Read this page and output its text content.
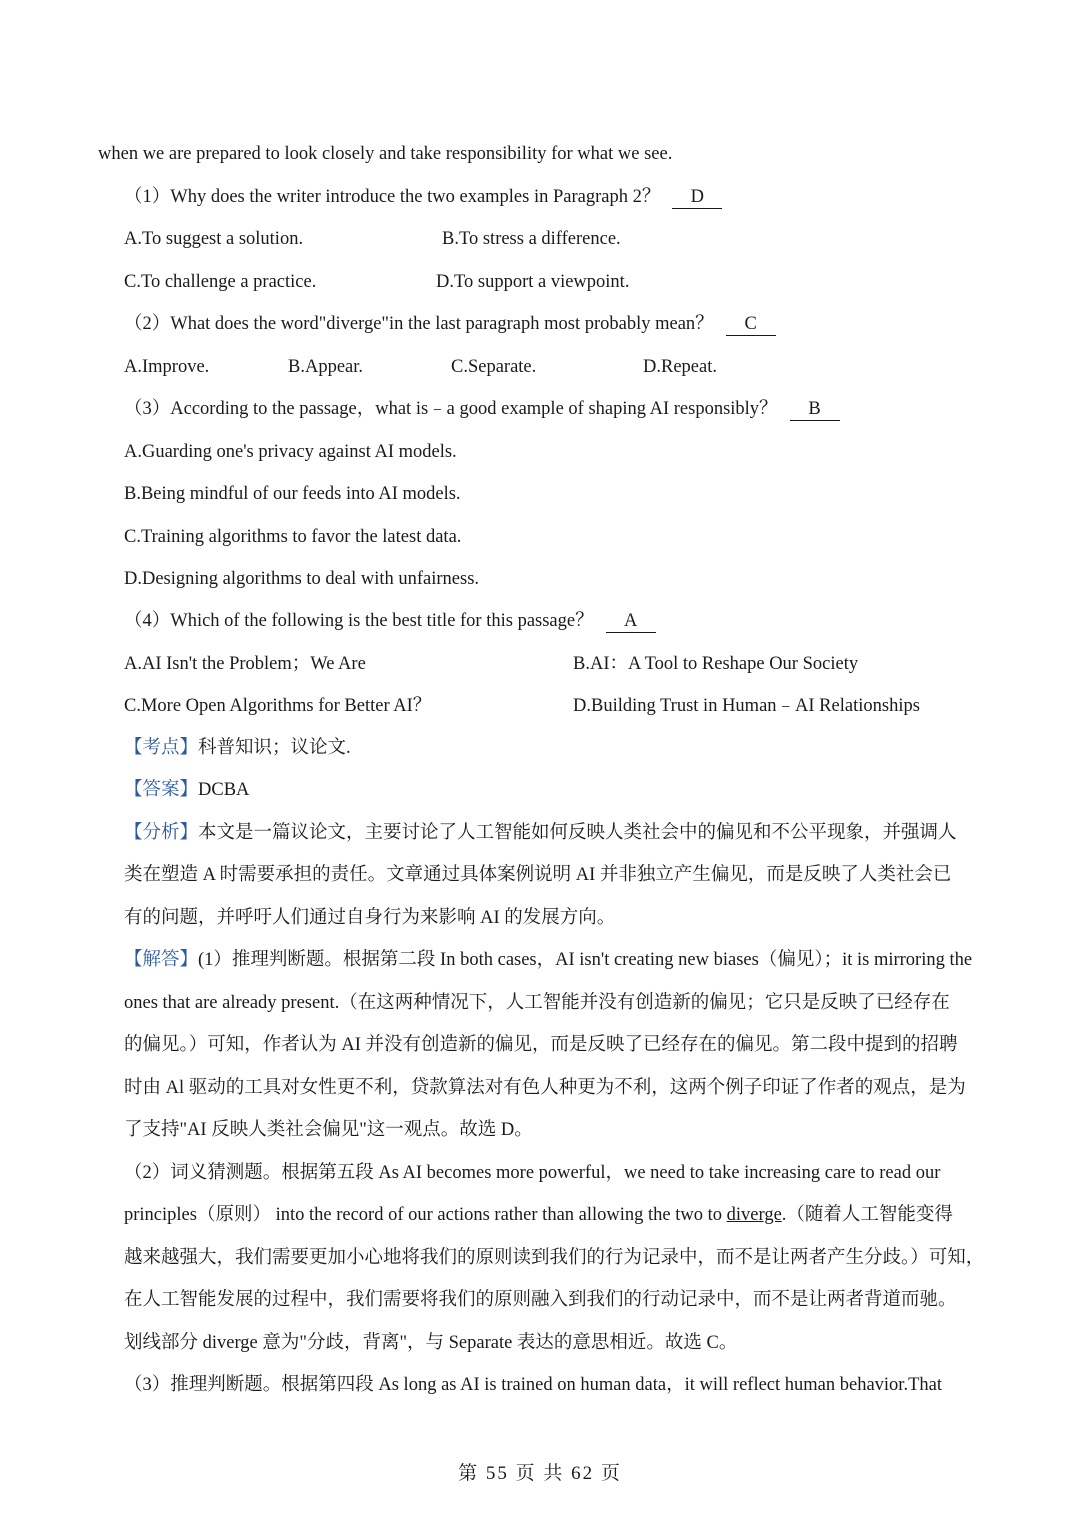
when we are prepared to look closely and take responsibility for what we see.
（1）Why does the writer introduce the two examples in Paragraph 2？ D
A.To suggest a solution.	B.To stress a difference.
C.To challenge a practice.	D.To support a viewpoint.
（2）What does the word"diverge"in the last paragraph most probably mean？ C
A.Improve.	B.Appear.	C.Separate.	D.Repeat.
（3）According to the passage，what is﹣a good example of shaping AI responsibly？ B
A.Guarding one's privacy against AI models.
B.Being mindful of our feeds into AI models.
C.Training algorithms to favor the latest data.
D.Designing algorithms to deal with unfairness.
（4）Which of the following is the best title for this passage？ A
A.AI Isn't the Problem；We Are	B.AI：A Tool to Reshape Our Society
C.More Open Algorithms for Better AI？	D.Building Trust in Human﹣AI Relationships
【考点】科普知识；议论文.
【答案】DCBA
【分析】本文是一篇议论文，主要讨论了人工智能如何反映人类社会中的偏见和不公平现象，并强调人
类在塑造 A 时需要承担的责任。文章通过具体案例说明 AI 并非独立产生偏见，而是反映了人类社会已
有的问题，并呼吁人们通过自身行为来影响 AI 的发展方向。
【解答】(1）推理判断题。根据第二段 In both cases，AI isn't creating new biases（偏见）；it is mirroring the
ones that are already present.（在这两种情况下，人工智能并没有创造新的偏见；它只是反映了已经存在
的偏见。）可知，作者认为 AI 并没有创造新的偏见，而是反映了已经存在的偏见。第二段中提到的招聘
时由 Al 驱动的工具对女性更不利，贷款算法对有色人种更为不利，这两个例子印证了作者的观点，是为
了支持"AI 反映人类社会偏见"这一观点。故选 D。
（2）词义猜测题。根据第五段 As AI becomes more powerful，we need to take increasing care to read our
principles（原则） into the record of our actions rather than allowing the two to diverge.（随着人工智能变得
越来越强大，我们需要更加小心地将我们的原则读到我们的行为记录中，而不是让两者产生分歧。）可知，
在人工智能发展的过程中，我们需要将我们的原则融入到我们的行动记录中，而不是让两者背道而驰。
划线部分 diverge 意为"分歧，背离"，与 Separate 表达的意思相近。故选 C。
（3）推理判断题。根据第四段 As long as AI is trained on human data，it will reflect human behavior.That
第 55 页 共 62 页
